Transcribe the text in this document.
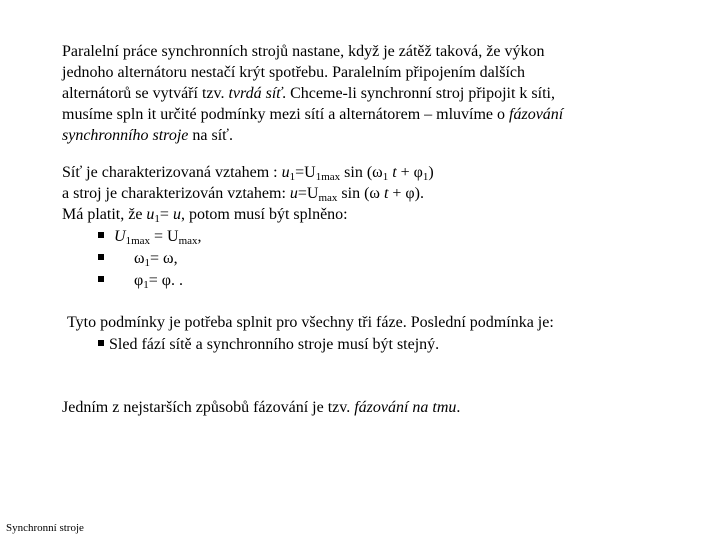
Paralelní práce synchronních strojů nastane, když je zátěž taková, že výkon
jednoho alternátoru nestačí krýt spotřebu. Paralelním připojením dalších
alternátorů se vytváří tzv. tvrdá síť. Chceme-li synchronní stroj připojit k síti,
musíme spln it určité podmínky mezi sítí a alternátorem – mluvíme o fázování
synchronního stroje na síť.
Síť je charakterizovaná vztahem : $u_1=U_{1max}$ $\sin (\omega_1$ $t + \varphi_1$)
a stroj je charakterizován vztahem: $u=U_{max}$ sin (ω t + φ).
Má platit, že $u_1= u$, potom musí být splněno:
$U_{1max} = U_{max}$,
$\omega_1= \omega$,
$\varphi_1= \varphi$. .
Tyto podmínky je potřeba splnit pro všechny tři fáze. Poslední podmínka je:
Sled fází sítě a synchronního stroje musí být stejný.
Jedním z nejstarších způsobů fázování je tzv. fázování na tmu.
Synchronní stroje
